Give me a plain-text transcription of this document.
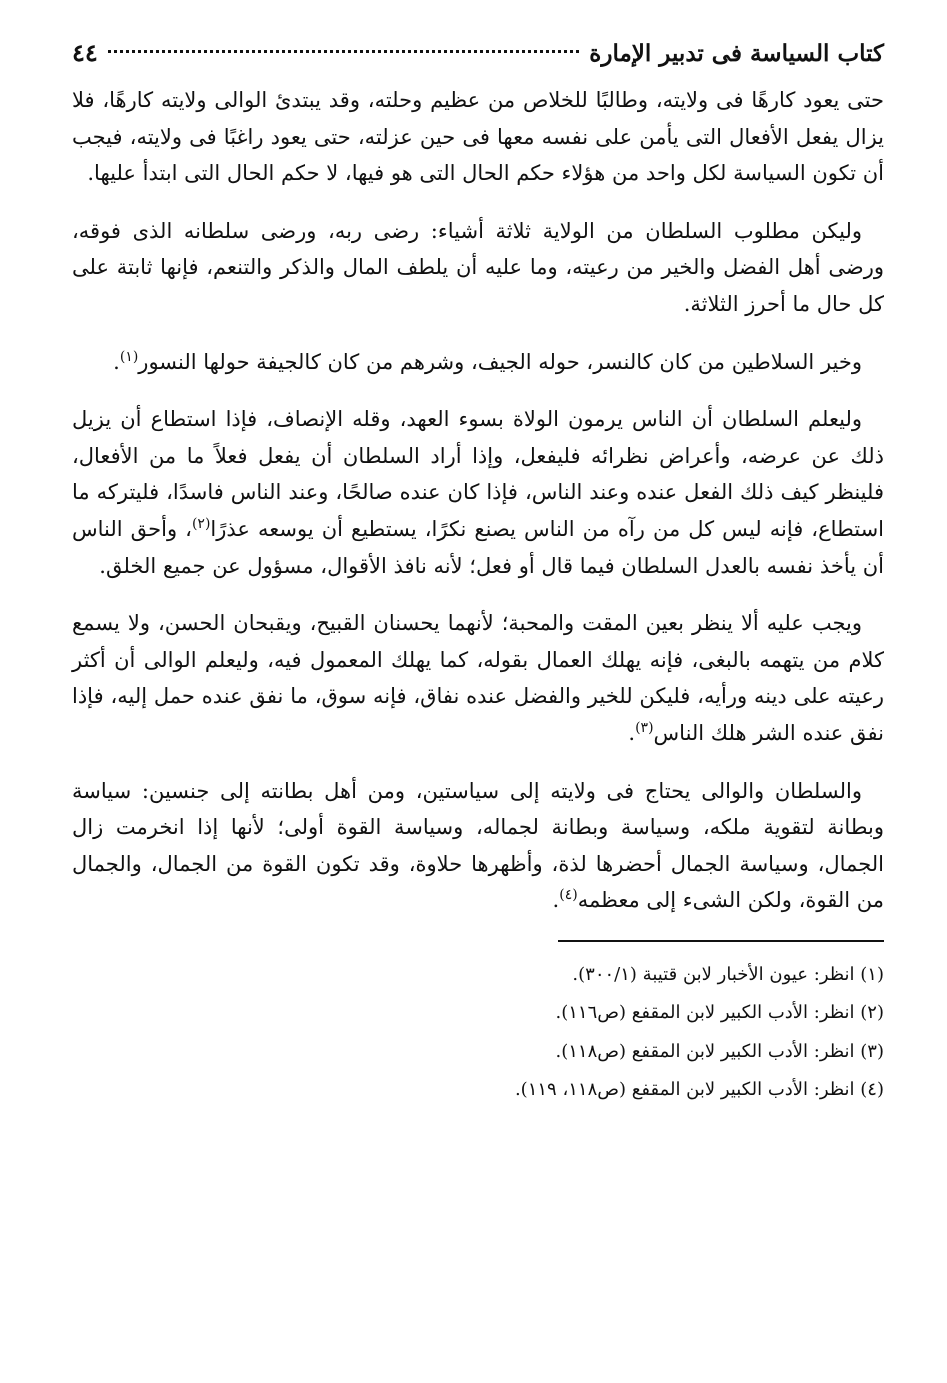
كتاب السياسة فى تدبير الإمارة
٤٤

حتى يعود كارهًا فى ولايته، وطالبًا للخلاص من عظيم وحلته، وقد يبتدئ الوالى ولايته كارهًا، فلا يزال يفعل الأفعال التى يأمن على نفسه معها فى حين عزلته، حتى يعود راغبًا فى ولايته، فيجب أن تكون السياسة لكل واحد من هؤلاء حكم الحال التى هو فيها، لا حكم الحال التى ابتدأ عليها.

وليكن مطلوب السلطان من الولاية ثلاثة أشياء: رضى ربه، ورضى سلطانه الذى فوقه، ورضى أهل الفضل والخير من رعيته، وما عليه أن يلطف المال والذكر والتنعم، فإنها ثابتة على كل حال ما أحرز الثلاثة.

وخير السلاطين من كان كالنسر، حوله الجيف، وشرهم من كان كالجيفة حولها النسور$^{(١)}$.

وليعلم السلطان أن الناس يرمون الولاة بسوء العهد، وقله الإنصاف، فإذا استطاع أن يزيل ذلك عن عرضه، وأعراض نظرائه فليفعل، وإذا أراد السلطان أن يفعل فعلاً ما من الأفعال، فلينظر كيف ذلك الفعل عنده وعند الناس، فإذا كان عنده صالحًا، وعند الناس فاسدًا، فليتركه ما استطاع، فإنه ليس كل من رآه من الناس يصنع نكرًا، يستطيع أن يوسعه عذرًا$^{(٢)}$، وأحق الناس أن يأخذ نفسه بالعدل السلطان فيما قال أو فعل؛ لأنه نافذ الأقوال، مسؤول عن جميع الخلق.

ويجب عليه ألا ينظر بعين المقت والمحبة؛ لأنهما يحسنان القبيح، ويقبحان الحسن، ولا يسمع كلام من يتهمه بالبغى، فإنه يهلك العمال بقوله، كما يهلك المعمول فيه، وليعلم الوالى أن أكثر رعيته على دينه ورأيه، فليكن للخير والفضل عنده نفاق، فإنه سوق، ما نفق عنده حمل إليه، فإذا نفق عنده الشر هلك الناس$^{(٣)}$.

والسلطان والوالى يحتاج فى ولايته إلى سياستين، ومن أهل بطانته إلى جنسين: سياسة وبطانة لتقوية ملكه، وسياسة وبطانة لجماله، وسياسة القوة أولى؛ لأنها إذا انخرمت زال الجمال، وسياسة الجمال أحضرها لذة، وأظهرها حلاوة، وقد تكون القوة من الجمال، والجمال من القوة، ولكن الشىء إلى معظمه$^{(٤)}$.

(١) انظر: عيون الأخبار لابن قتيبة (٣٠٠/١).

(٢) انظر: الأدب الكبير لابن المقفع (ص١١٦).

(٣) انظر: الأدب الكبير لابن المقفع (ص١١٨).

(٤) انظر: الأدب الكبير لابن المقفع (ص١١٨، ١١٩).
